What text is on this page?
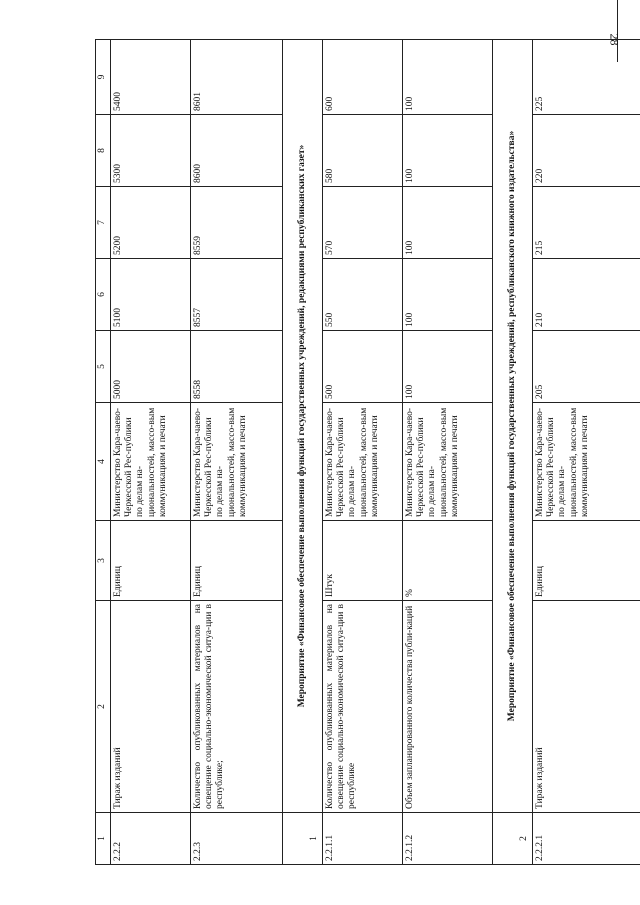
28
1	2	3	4	5	6	7	8	9
2.2.2	Тираж изданий	Единиц	Министерство Кара-чаево-Черкесской Рес-публики по делам на-циональностей, массо-вым коммуникациям и печати	5000	5100	5200	5300	5400
2.2.3	Количество опубликованных материалов на освещение социально-экономической ситуа-ции в республике;	Единиц	Министерство Кара-чаево-Черкесской Рес-публики по делам на-циональностей, массо-вым коммуникациям и печати	8558	8557	8559	8600	8601
1	Мероприятие «Финансовое обеспечение выполнения функций государственных учреждений, редакциями республиканских газет»							
2.2.1.1	Количество опубликованных материалов на освещение социально-экономической ситуа-ции в республике	Штук	Министерство Кара-чаево-Черкесской Рес-публики по делам на-циональностей, массо-вым коммуникациям и печати	500	550	570	580	600
2.2.1.2	Объем запланированного количества публи-каций	%	Министерство Кара-чаево-Черкесской Рес-публики по делам на-циональностей, массо-вым коммуникациям и печати	100	100	100	100	100
2	Мероприятие «Финансовое обеспечение выполнения функций государственных учреждений, республиканского книжного издательства»							
2.2.2.1	Тираж изданий	Единиц	Министерство Кара-чаево-Черкесской Рес-публики по делам на-циональностей, массо-вым коммуникациям и печати	205	210	215	220	225
